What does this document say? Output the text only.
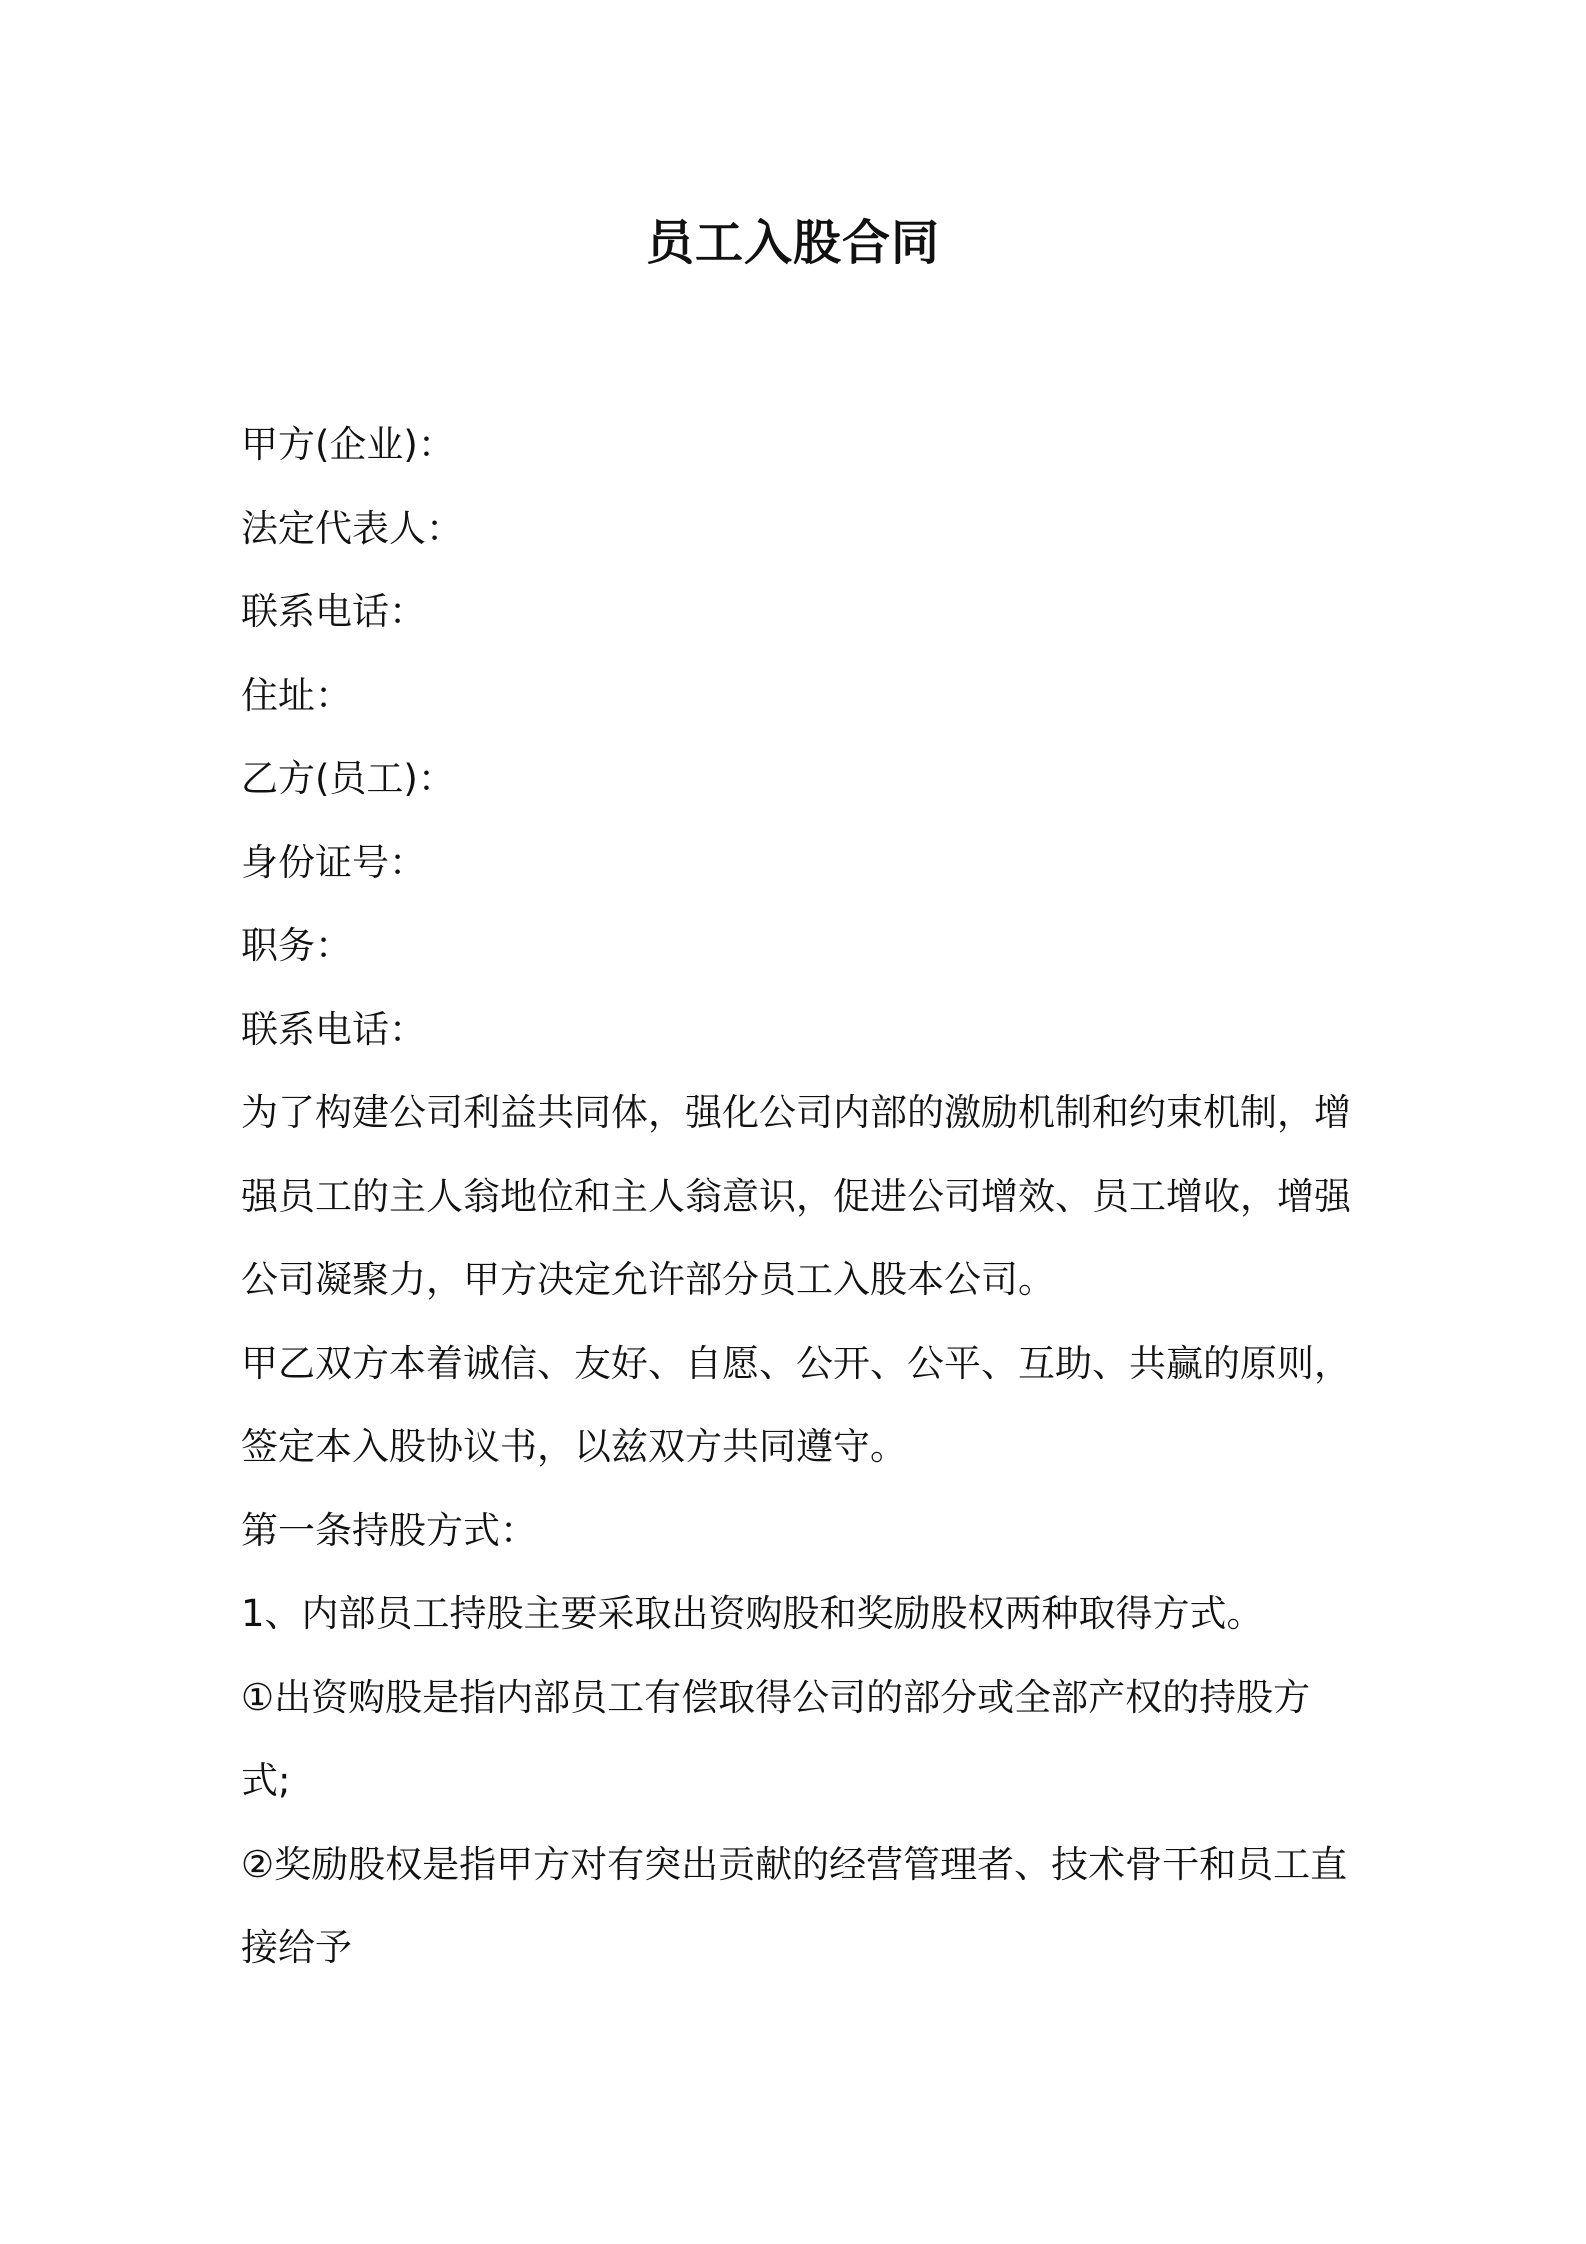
员工入股合同
甲方(企业)：
法定代表人：
联系电话：
住址：
乙方(员工)：
身份证号：
职务：
联系电话：
为了构建公司利益共同体，强化公司内部的激励机制和约束机制，增
强员工的主人翁地位和主人翁意识，促进公司增效、员工增收，增强
公司凝聚力，甲方决定允许部分员工入股本公司。
甲乙双方本着诚信、友好、自愿、公开、公平、互助、共赢的原则，
签定本入股协议书，以兹双方共同遵守。
第一条持股方式：
1、内部员工持股主要采取出资购股和奖励股权两种取得方式。
①出资购股是指内部员工有偿取得公司的部分或全部产权的持股方
式;
②奖励股权是指甲方对有突出贡献的经营管理者、技术骨干和员工直
接给予
